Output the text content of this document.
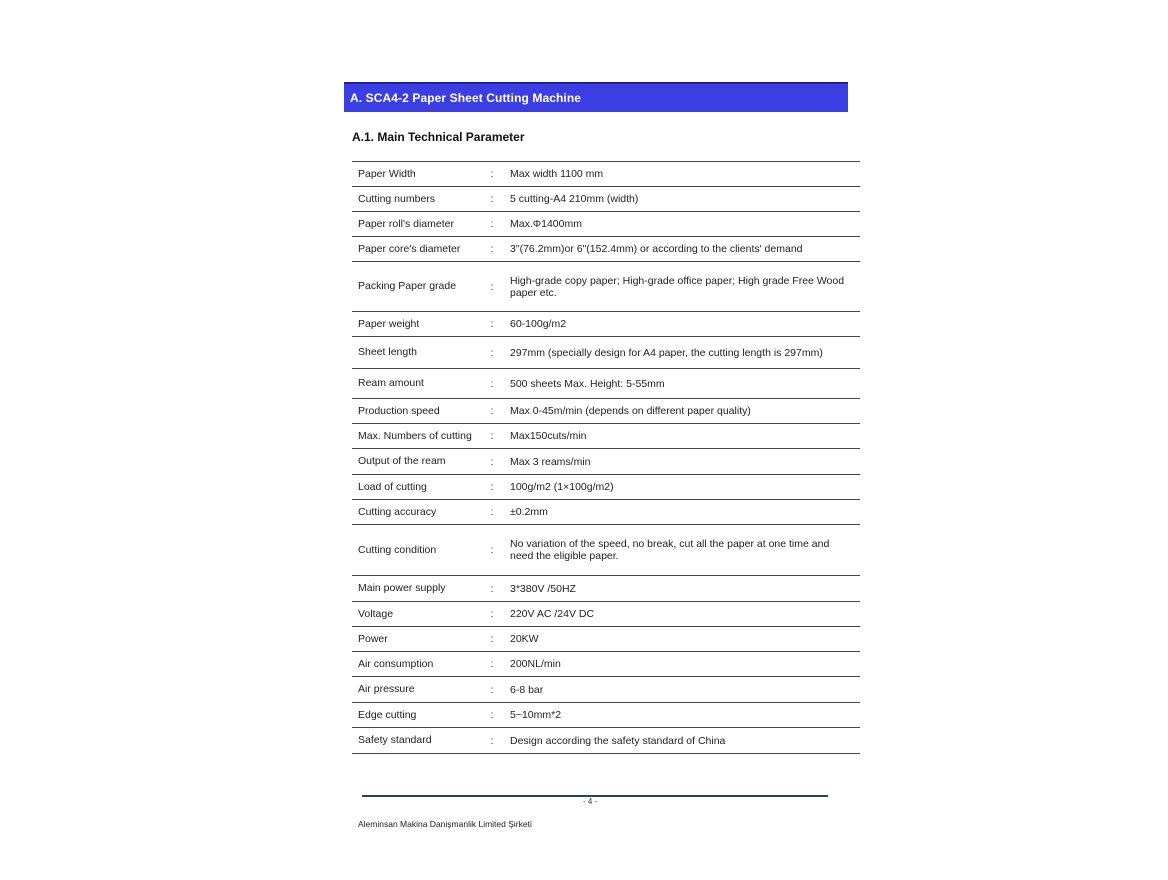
A. SCA4-2 Paper Sheet Cutting Machine
A.1. Main Technical Parameter
Paper Width	:	Max width 1100 mm
Cutting numbers	:	5 cutting-A4 210mm (width)
Paper roll's diameter	:	Max.Φ1400mm
Paper core's diameter	:	3"(76.2mm)or 6"(152.4mm) or according to the clients' demand
Packing Paper grade	:	High-grade copy paper; High-grade office paper; High grade Free Wood paper etc.
Paper weight	:	60-100g/m2
Sheet length	:	297mm (specially design for A4 paper, the cutting length is 297mm)
Ream amount	:	500 sheets Max. Height: 5-55mm
Production speed	:	Max 0-45m/min (depends on different paper quality)
Max. Numbers of cutting	:	Max150cuts/min
Output of the ream	:	Max 3 reams/min
Load of cutting	:	100g/m2 (1×100g/m2)
Cutting accuracy	:	±0.2mm
Cutting condition	:	No variation of the speed, no break, cut all the paper at one time and need the eligible paper.
Main power supply	:	3*380V /50HZ
Voltage	:	220V AC /24V DC
Power	:	20KW
Air consumption	:	200NL/min
Air pressure	:	6-8 bar
Edge cutting	:	5~10mm*2
Safety standard	:	Design according the safety standard of China
- 4 -
Aleminsan Makina Danişmanlik Limited Şirketi
